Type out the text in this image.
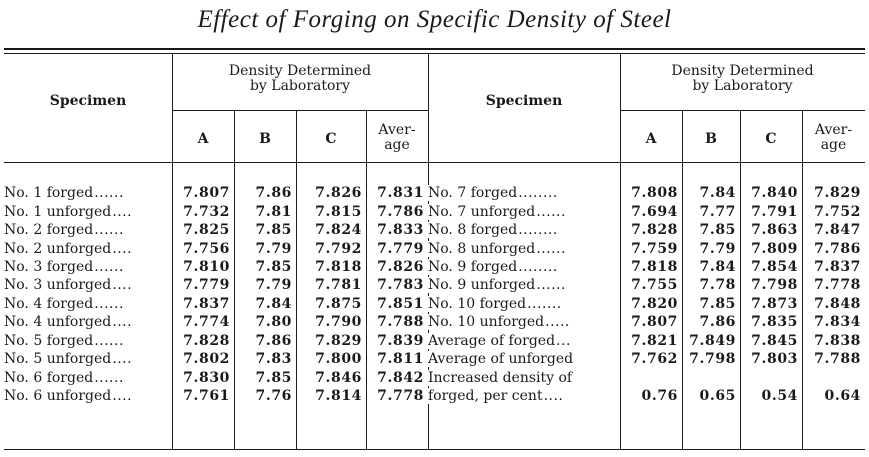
Effect of Forging on Specific Density of Steel
Specimen
Density Determined
by Laboratory
A	B	C
Aver-
age
Specimen
Density Determined
by Laboratory
A	B	C
Aver-
age
No. 1 forged......	7.807	7.86	7.826	7.831	No. 7 forged........	7.808	7.84	7.840	7.829
No. 1 unforged....	7.732	7.81	7.815	7.786	No. 7 unforged......	7.694	7.77	7.791	7.752
No. 2 forged......	7.825	7.85	7.824	7.833	No. 8 forged........	7.828	7.85	7.863	7.847
No. 2 unforged....	7.756	7.79	7.792	7.779	No. 8 unforged......	7.759	7.79	7.809	7.786
No. 3 forged......	7.810	7.85	7.818	7.826	No. 9 forged........	7.818	7.84	7.854	7.837
No. 3 unforged....	7.779	7.79	7.781	7.783	No. 9 unforged......	7.755	7.78	7.798	7.778
No. 4 forged......	7.837	7.84	7.875	7.851	No. 10 forged.......	7.820	7.85	7.873	7.848
No. 4 unforged....	7.774	7.80	7.790	7.788	No. 10 unforged.....	7.807	7.86	7.835	7.834
No. 5 forged......	7.828	7.86	7.829	7.839	Average of forged...	7.821	7.849	7.845	7.838
No. 5 unforged....	7.802	7.83	7.800	7.811	Average of unforged	7.762	7.798	7.803	7.788
No. 6 forged......	7.830	7.85	7.846	7.842	Increased density of				
No. 6 unforged....	7.761	7.76	7.814	7.778	forged, per cent....	0.76	0.65	0.54	0.64
